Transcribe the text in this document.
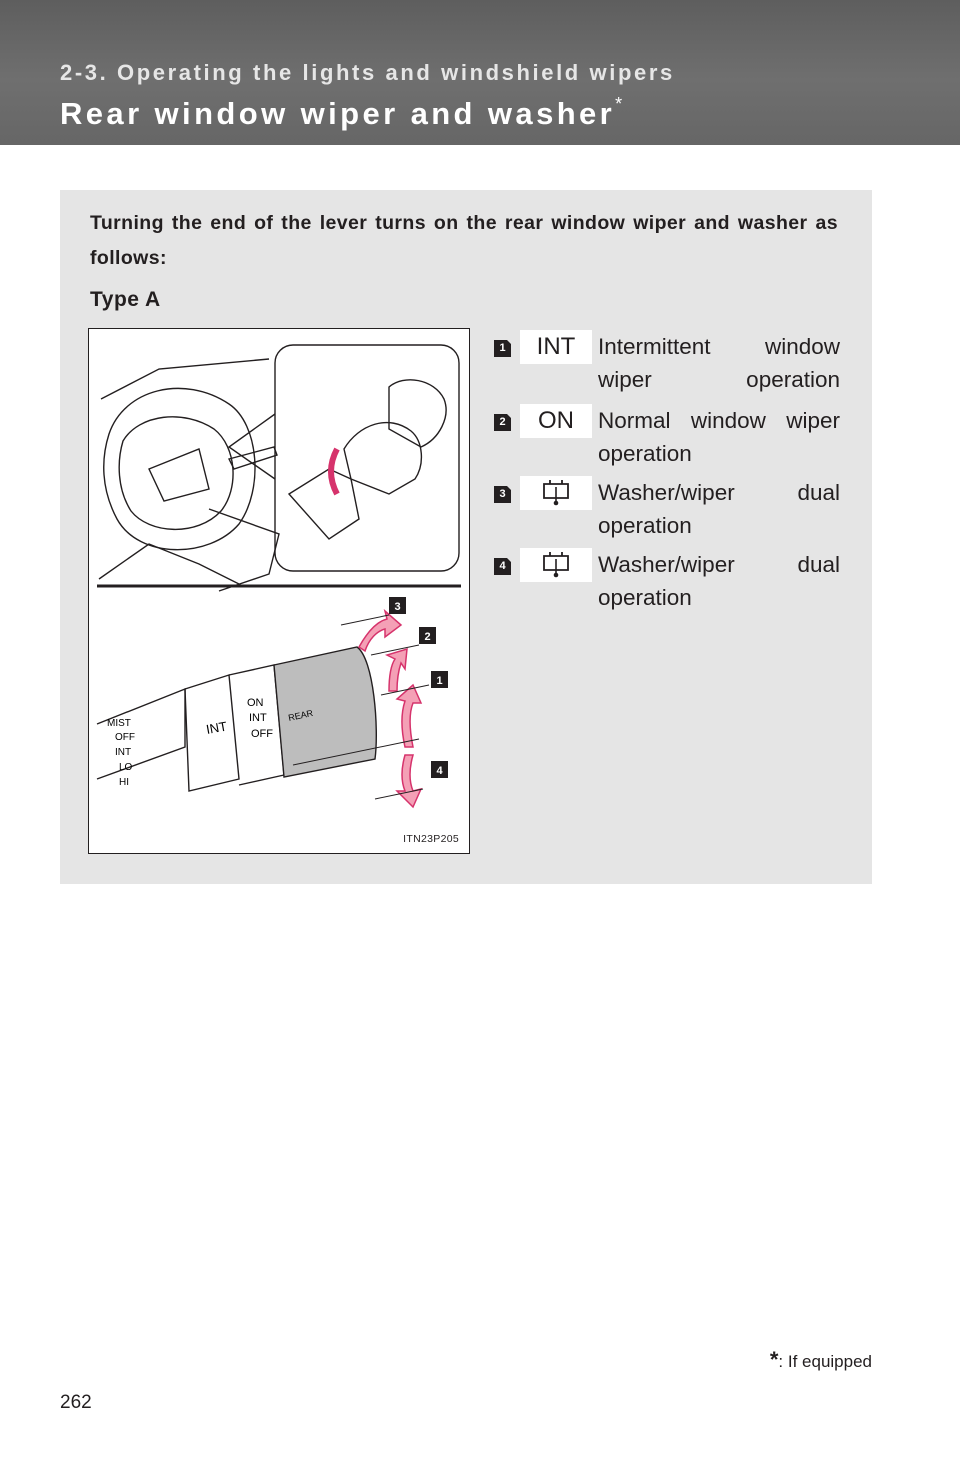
2-3. Operating the lights and windshield wipers
Rear window wiper and washer*
Turning the end of the lever turns on the rear window wiper and washer as follows:
Type A
MIST
OFF
INT
LO
HI
INT
ON
INT
OFF
REAR
3
2
1
4
ITN23P205
1	INT	Intermittent window wiper operation
2	ON	Normal window wiper operation
3	Washer/wiper dual operation
4	Washer/wiper dual operation
*: If equipped
262
